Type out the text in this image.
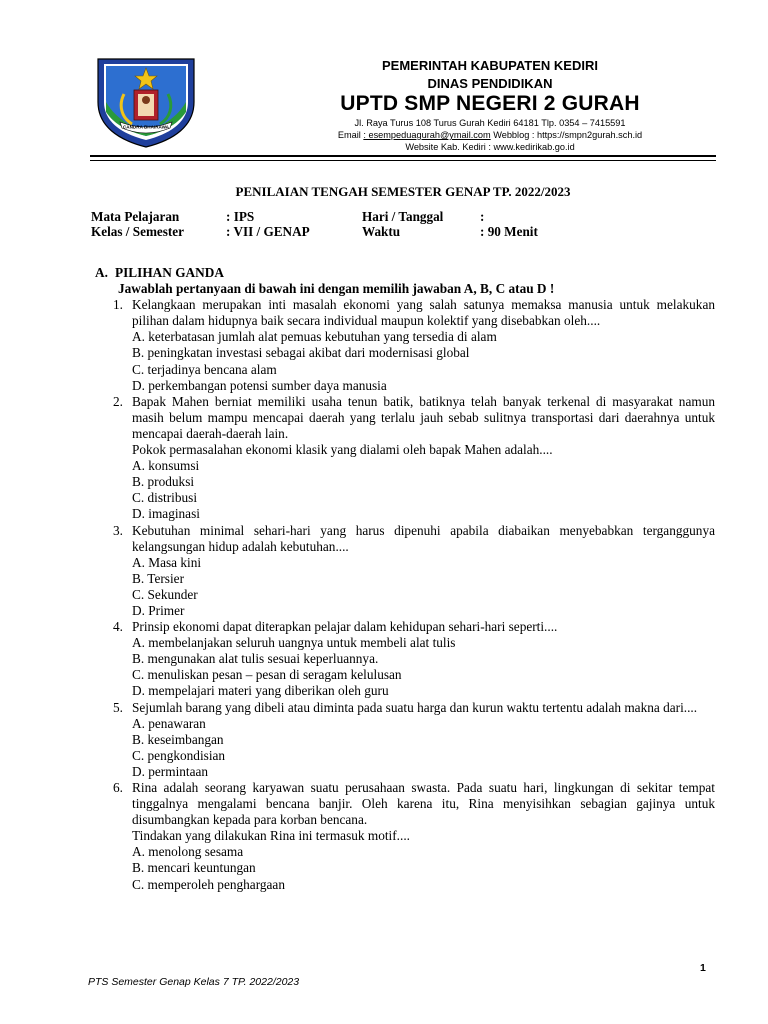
CANDRA BHAIRAWA
PEMERINTAH KABUPATEN KEDIRI
DINAS PENDIDIKAN
UPTD SMP NEGERI 2 GURAH
Jl. Raya Turus 108 Turus Gurah Kediri 64181 Tlp. 0354 – 7415591
Email : esempeduagurah@ymail.com Webblog : https://smpn2gurah.sch.id
Website Kab. Kediri : www.kedirikab.go.id
PENILAIAN TENGAH SEMESTER GENAP TP. 2022/2023
Mata Pelajaran	: IPS	Hari / Tanggal	:
Kelas / Semester	: VII / GENAP	Waktu	: 90 Menit
A. PILIHAN GANDA
Jawablah pertanyaan di bawah ini dengan memilih jawaban A, B, C atau D !
1. Kelangkaan merupakan inti masalah ekonomi yang salah satunya memaksa manusia untuk melakukan pilihan dalam hidupnya baik secara individual maupun kolektif yang disebabkan oleh....
A. keterbatasan jumlah alat pemuas kebutuhan yang tersedia di alam
B. peningkatan investasi sebagai akibat dari modernisasi global
C. terjadinya bencana alam
D. perkembangan potensi sumber daya manusia
2. Bapak Mahen berniat memiliki usaha tenun batik, batiknya telah banyak terkenal di masyarakat namun masih belum mampu mencapai daerah yang terlalu jauh sebab sulitnya transportasi dari daerahnya untuk mencapai daerah-daerah lain.
Pokok permasalahan ekonomi klasik yang dialami oleh bapak Mahen adalah....
A. konsumsi
B. produksi
C. distribusi
D. imaginasi
3. Kebutuhan minimal sehari-hari yang harus dipenuhi apabila diabaikan menyebabkan terganggunya kelangsungan hidup adalah kebutuhan....
A. Masa kini
B. Tersier
C. Sekunder
D. Primer
4. Prinsip ekonomi dapat diterapkan pelajar dalam kehidupan sehari-hari seperti....
A. membelanjakan seluruh uangnya untuk membeli alat tulis
B. mengunakan alat tulis sesuai keperluannya.
C. menuliskan pesan – pesan di seragam kelulusan
D. mempelajari materi yang diberikan oleh guru
5. Sejumlah barang yang dibeli atau diminta pada suatu harga dan kurun waktu tertentu adalah makna dari....
A. penawaran
B. keseimbangan
C. pengkondisian
D. permintaan
6. Rina adalah seorang karyawan suatu perusahaan swasta. Pada suatu hari, lingkungan di sekitar tempat tinggalnya mengalami bencana banjir. Oleh karena itu, Rina menyisihkan sebagian gajinya untuk disumbangkan kepada para korban bencana.
Tindakan yang dilakukan Rina ini termasuk motif....
A. menolong sesama
B. mencari keuntungan
C. memperoleh penghargaan
PTS Semester Genap Kelas 7 TP. 2022/2023
1
